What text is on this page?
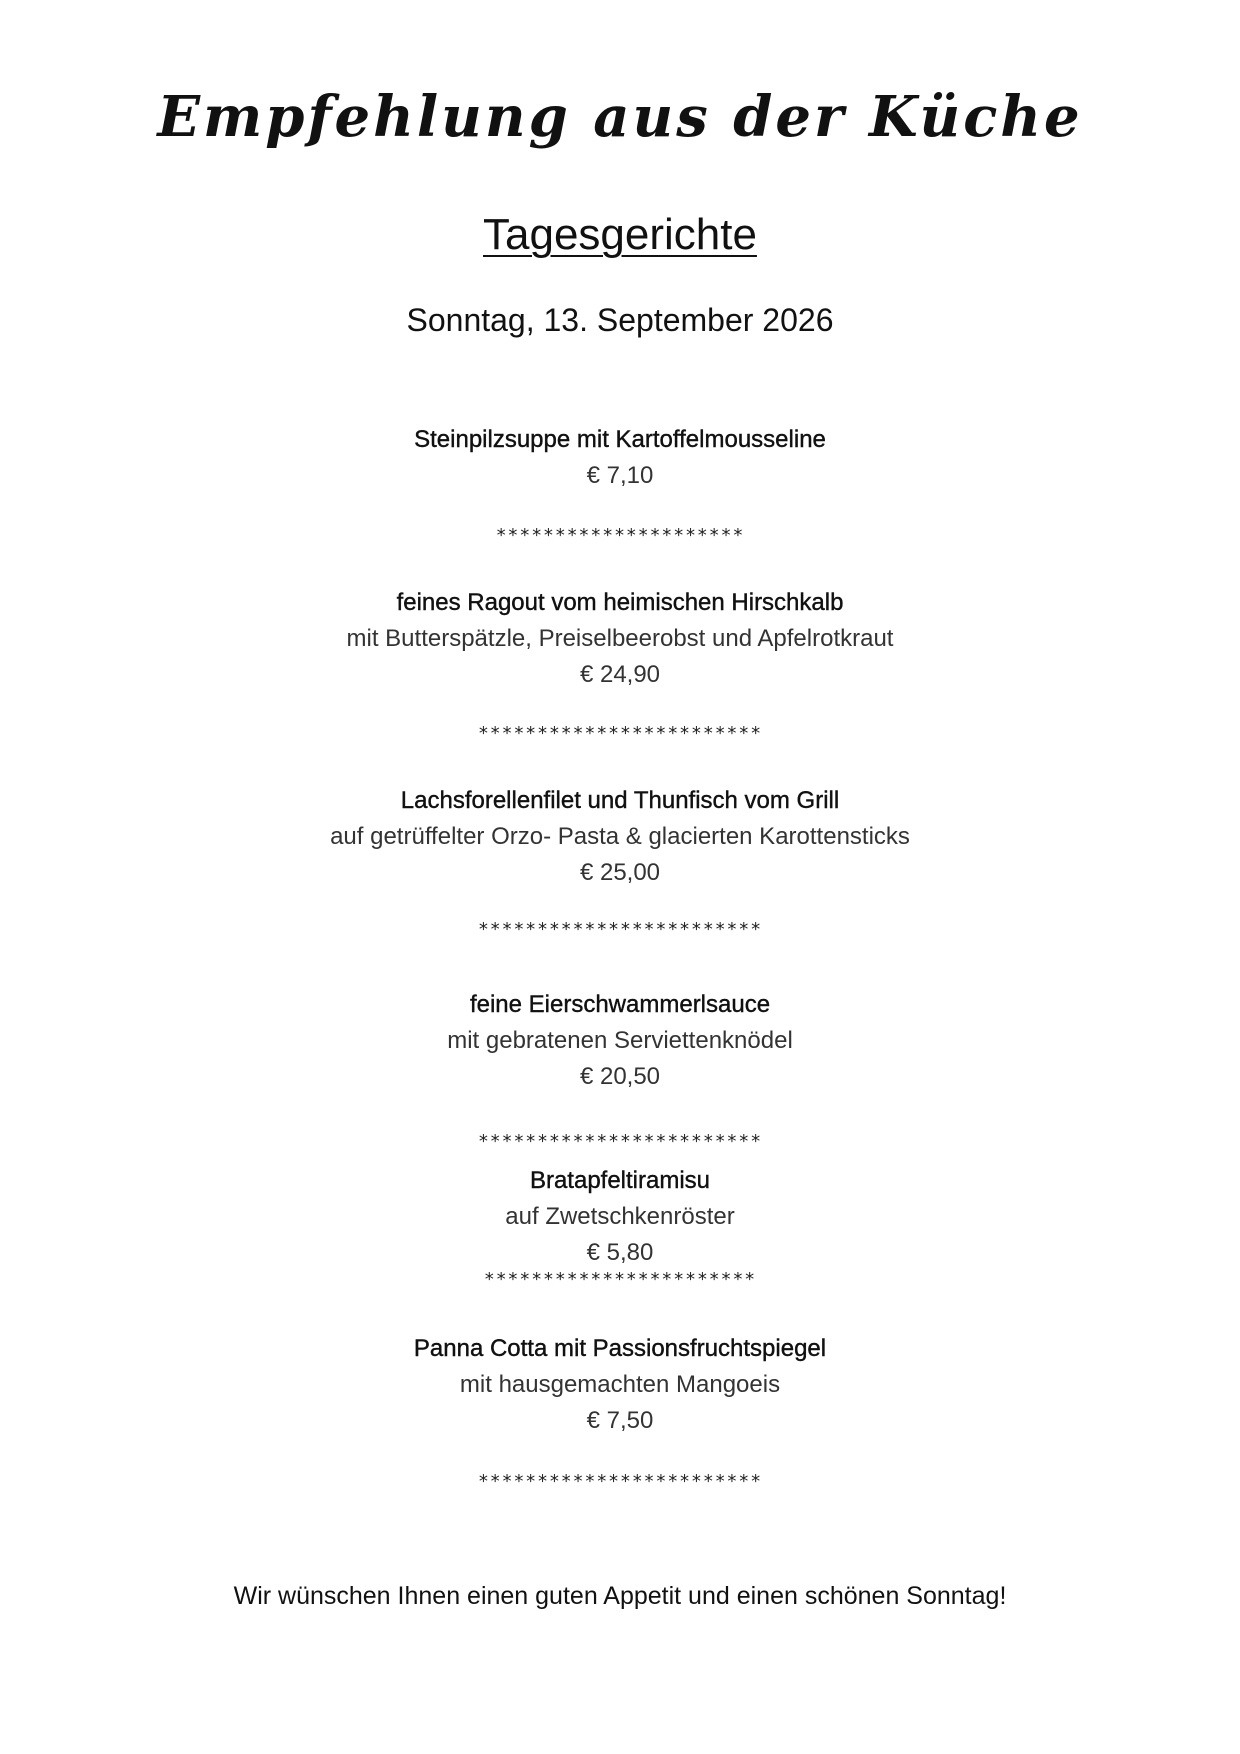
Empfehlung aus der Küche
Tagesgerichte
Sonntag, 13. September 2026
Steinpilzsuppe mit Kartoffelmousseline
€ 7,10
*********************
feines Ragout vom heimischen Hirschkalb
mit Butterspätzle, Preiselbeerobst und Apfelrotkraut
€ 24,90
************************
Lachsforellenfilet und Thunfisch vom Grill
auf getrüffelter Orzo- Pasta & glacierten Karottensticks
€ 25,00
************************
feine Eierschwammerlsauce
mit gebratenen Serviettenknödel
€ 20,50
************************
Bratapfeltiramisu
auf Zwetschkenröster
€ 5,80
***********************
Panna Cotta mit Passionsfruchtspiegel
mit hausgemachten Mangoeis
€ 7,50
************************
Wir wünschen Ihnen einen guten Appetit und einen schönen Sonntag!
